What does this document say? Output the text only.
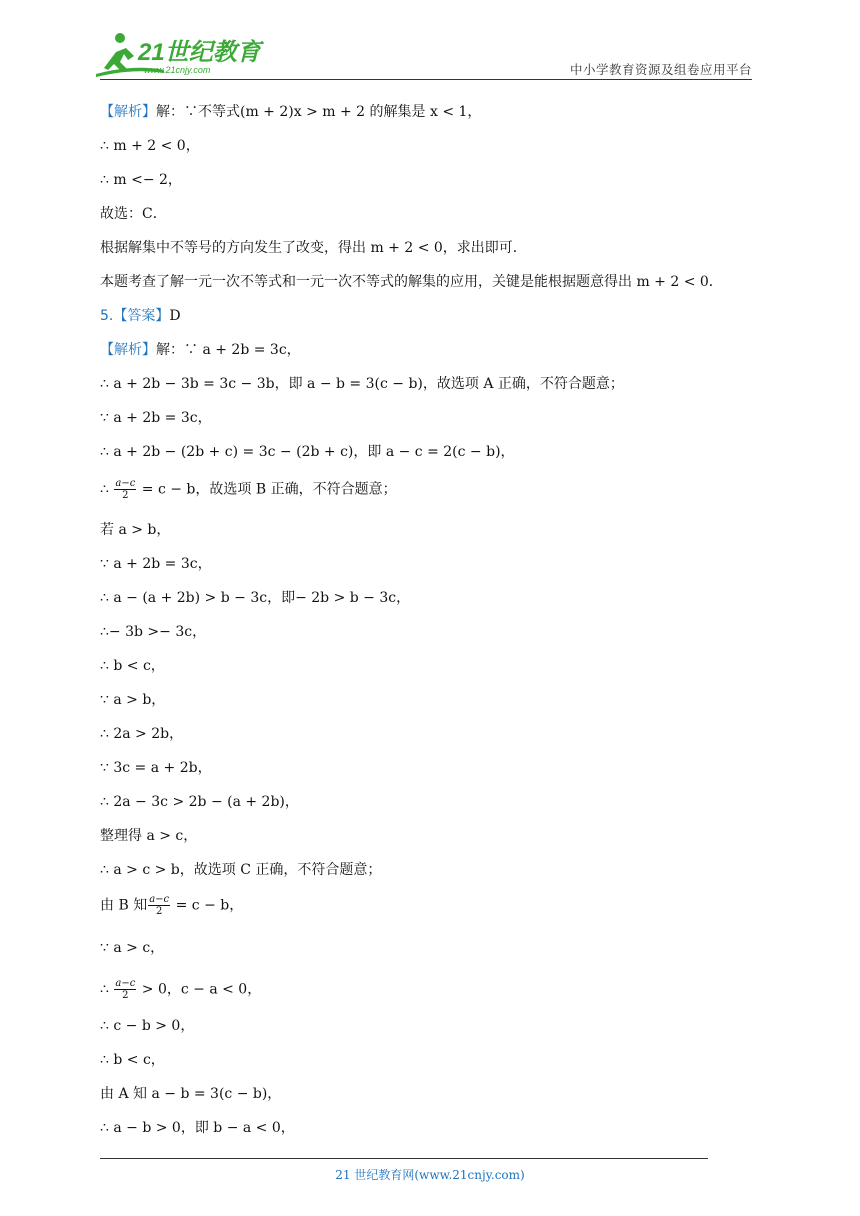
21世纪教育
www.21cnjy.com	中小学教育资源及组卷应用平台
【解析】解：∵不等式(m + 2)x > m + 2 的解集是 x < 1，
∴ m + 2 < 0，
∴ m <− 2，
故选：C．
根据解集中不等号的方向发生了改变，得出 m + 2 < 0，求出即可．
本题考查了解一元一次不等式和一元一次不等式的解集的应用，关键是能根据题意得出 m + 2 < 0．
5.【答案】D
【解析】解：∵ a + 2b = 3c，
∴ a + 2b − 3b = 3c − 3b，即 a − b = 3(c − b)，故选项 A 正确，不符合题意；
∵ a + 2b = 3c，
∴ a + 2b − (2b + c) = 3c − (2b + c)，即 a − c = 2(c − b)，
∴ $\frac{a-c}{2} = c - b$，故选项 B 正确，不符合题意；
若 a > b，
∵ a + 2b = 3c，
∴ a − (a + 2b) > b − 3c，即− 2b > b − 3c，
∴− 3b >− 3c，
∴ b < c，
∵ a > b，
∴ 2a > 2b，
∵ 3c = a + 2b，
∴ 2a − 3c > 2b − (a + 2b)，
整理得 a > c，
∴ a > c > b，故选项 C 正确，不符合题意；
由 B 知 $\frac{a-c}{2} = c - b$，
∵ a > c，
∴ $\frac{a-c}{2} > 0$，c − a < 0，
∴ c − b > 0，
∴ b < c，
由 A 知 a − b = 3(c − b)，
∴ a − b > 0，即 b − a < 0，
21 世纪教育网(www.21cnjy.com)
